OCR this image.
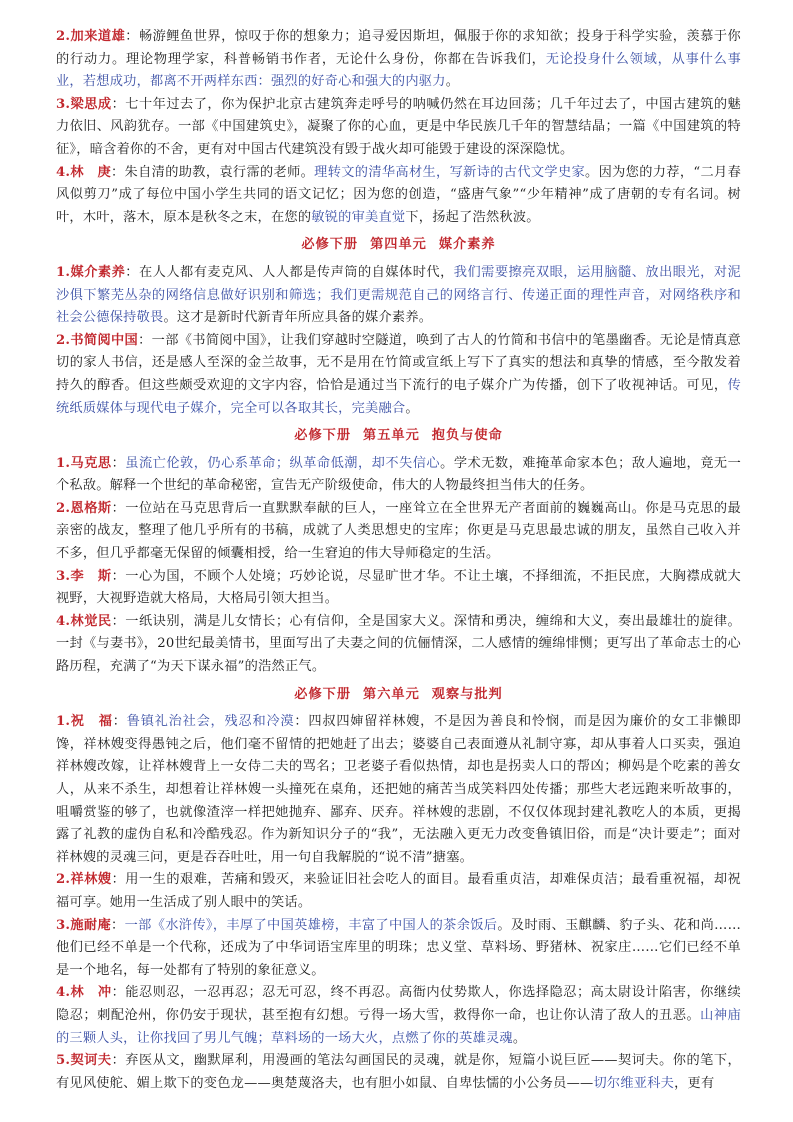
2.加来道雄：畅游鲤鱼世界，惊叹于你的想象力；追寻爱因斯坦，佩服于你的求知欲；投身于科学实验，羡慕于你的行动力。理论物理学家，科普畅销书作者，无论什么身份，你都在告诉我们，无论投身什么领域，从事什么事业，若想成功，都离不开两样东西：强烈的好奇心和强大的内驱力。

3.梁思成：七十年过去了，你为保护北京古建筑奔走呼号的呐喊仍然在耳边回荡；几千年过去了，中国古建筑的魅力依旧、风韵犹存。一部《中国建筑史》，凝聚了你的心血，更是中华民族几千年的智慧结晶；一篇《中国建筑的特征》，暗含着你的不舍，更有对中国古代建筑没有毁于战火却可能毁于建设的深深隐忧。

4.林　庚：朱自清的助教，袁行霈的老师。理转文的清华高材生，写新诗的古代文学史家。因为您的力荐，“二月春风似剪刀”成了每位中国小学生共同的语文记忆；因为您的创造，“盛唐气象”“少年精神”成了唐朝的专有名词。树叶，木叶，落木，原本是秋冬之末，在您的敏锐的审美直觉下，扬起了浩然秋波。

必修下册 第四单元 媒介素养

1.媒介素养：在人人都有麦克风、人人都是传声筒的自媒体时代，我们需要擦亮双眼，运用脑髓、放出眼光，对泥沙俱下繁芜丛杂的网络信息做好识别和筛选；我们更需规范自己的网络言行、传递正面的理性声音，对网络秩序和社会公德保持敬畏。这才是新时代新青年所应具备的媒介素养。

2.书简阅中国：一部《书简阅中国》，让我们穿越时空隧道，唤到了古人的竹简和书信中的笔墨幽香。无论是情真意切的家人书信，还是感人至深的金兰故事，无不是用在竹简或宣纸上写下了真实的想法和真挚的情感，至今散发着持久的醇香。但这些颇受欢迎的文字内容，恰恰是通过当下流行的电子媒介广为传播，创下了收视神话。可见，传统纸质媒体与现代电子媒介，完全可以各取其长，完美融合。

必修下册 第五单元 抱负与使命

1.马克思：虽流亡伦敦，仍心系革命；纵革命低潮，却不失信心。学术无数，难掩革命家本色；敌人遍地，竟无一个私敌。解释一个世纪的革命秘密，宣告无产阶级使命，伟大的人物最终担当伟大的任务。

2.恩格斯：一位站在马克思背后一直默默奉献的巨人，一座耸立在全世界无产者面前的巍巍高山。你是马克思的最亲密的战友，整理了他几乎所有的书稿，成就了人类思想史的宝库；你更是马克思最忠诚的朋友，虽然自己收入并不多，但几乎都毫无保留的倾囊相授，给一生窘迫的伟大导师稳定的生活。

3.李　斯：一心为国，不顾个人处境；巧妙论说，尽显旷世才华。不让土壤，不择细流，不拒民庶，大胸襟成就大视野，大视野造就大格局，大格局引领大担当。

4.林觉民：一纸诀别，满是儿女情长；心有信仰，全是国家大义。深情和勇决，缠绵和大义，奏出最雄壮的旋律。一封《与妻书》，20世纪最美情书，里面写出了夫妻之间的伉俪情深，二人感情的缠绵悱恻；更写出了革命志士的心路历程，充满了“为天下谋永福”的浩然正气。

必修下册 第六单元 观察与批判

1.祝　福：鲁镇礼治社会，残忍和冷漠：四叔四婶留祥林嫂，不是因为善良和怜悯，而是因为廉价的女工非懒即馋，祥林嫂变得愚钝之后，他们毫不留情的把她赶了出去；婆婆自己表面遵从礼制守寡，却从事着人口买卖，强迫祥林嫂改嫁，让祥林嫂背上一女侍二夫的骂名；卫老婆子看似热情，却也是拐卖人口的帮凶；柳妈是个吃素的善女人，从来不杀生，却想着让祥林嫂一头撞死在桌角，还把她的痛苦当成笑料四处传播；那些大老远跑来听故事的，咀嚼赏鉴的够了，也就像渣滓一样把她抛弃、鄙弃、厌弃。祥林嫂的悲剧，不仅仅体现封建礼教吃人的本质，更揭露了礼教的虚伪自私和冷酷残忍。作为新知识分子的“我”，无法融入更无力改变鲁镇旧俗，而是“决计要走”；面对祥林嫂的灵魂三问，更是吞吞吐吐，用一句自我解脱的“说不清”搪塞。

2.祥林嫂：用一生的艰难，苦痛和毁灭，来验证旧社会吃人的面目。最看重贞洁，却难保贞洁；最看重祝福，却祝福可享。她用一生活成了别人眼中的笑话。

3.施耐庵：一部《水浒传》，丰厚了中国英雄榜，丰富了中国人的茶余饭后。及时雨、玉麒麟、豹子头、花和尚……他们已经不单是一个代称，还成为了中华词语宝库里的明珠；忠义堂、草料场、野猪林、祝家庄……它们已经不单是一个地名，每一处都有了特别的象征意义。

4.林　冲：能忍则忍，一忍再忍；忍无可忍，终不再忍。高衙内仗势欺人，你选择隐忍；高太尉设计陷害，你继续隐忍；刺配沧州，你仍安于现状，甚至抱有幻想。亏得一场大雪，救得你一命，也让你认清了敌人的丑恶。山神庙的三颗人头，让你找回了男儿气魄；草料场的一场大火，点燃了你的英雄灵魂。

5.契诃夫：弃医从文，幽默犀利，用漫画的笔法勾画国民的灵魂，就是你，短篇小说巨匠——契诃夫。你的笔下，有见风使舵、媚上欺下的变色龙——奥楚蔑洛夫，也有胆小如鼠、自卑怯懦的小公务员——切尔维亚科夫，更有
